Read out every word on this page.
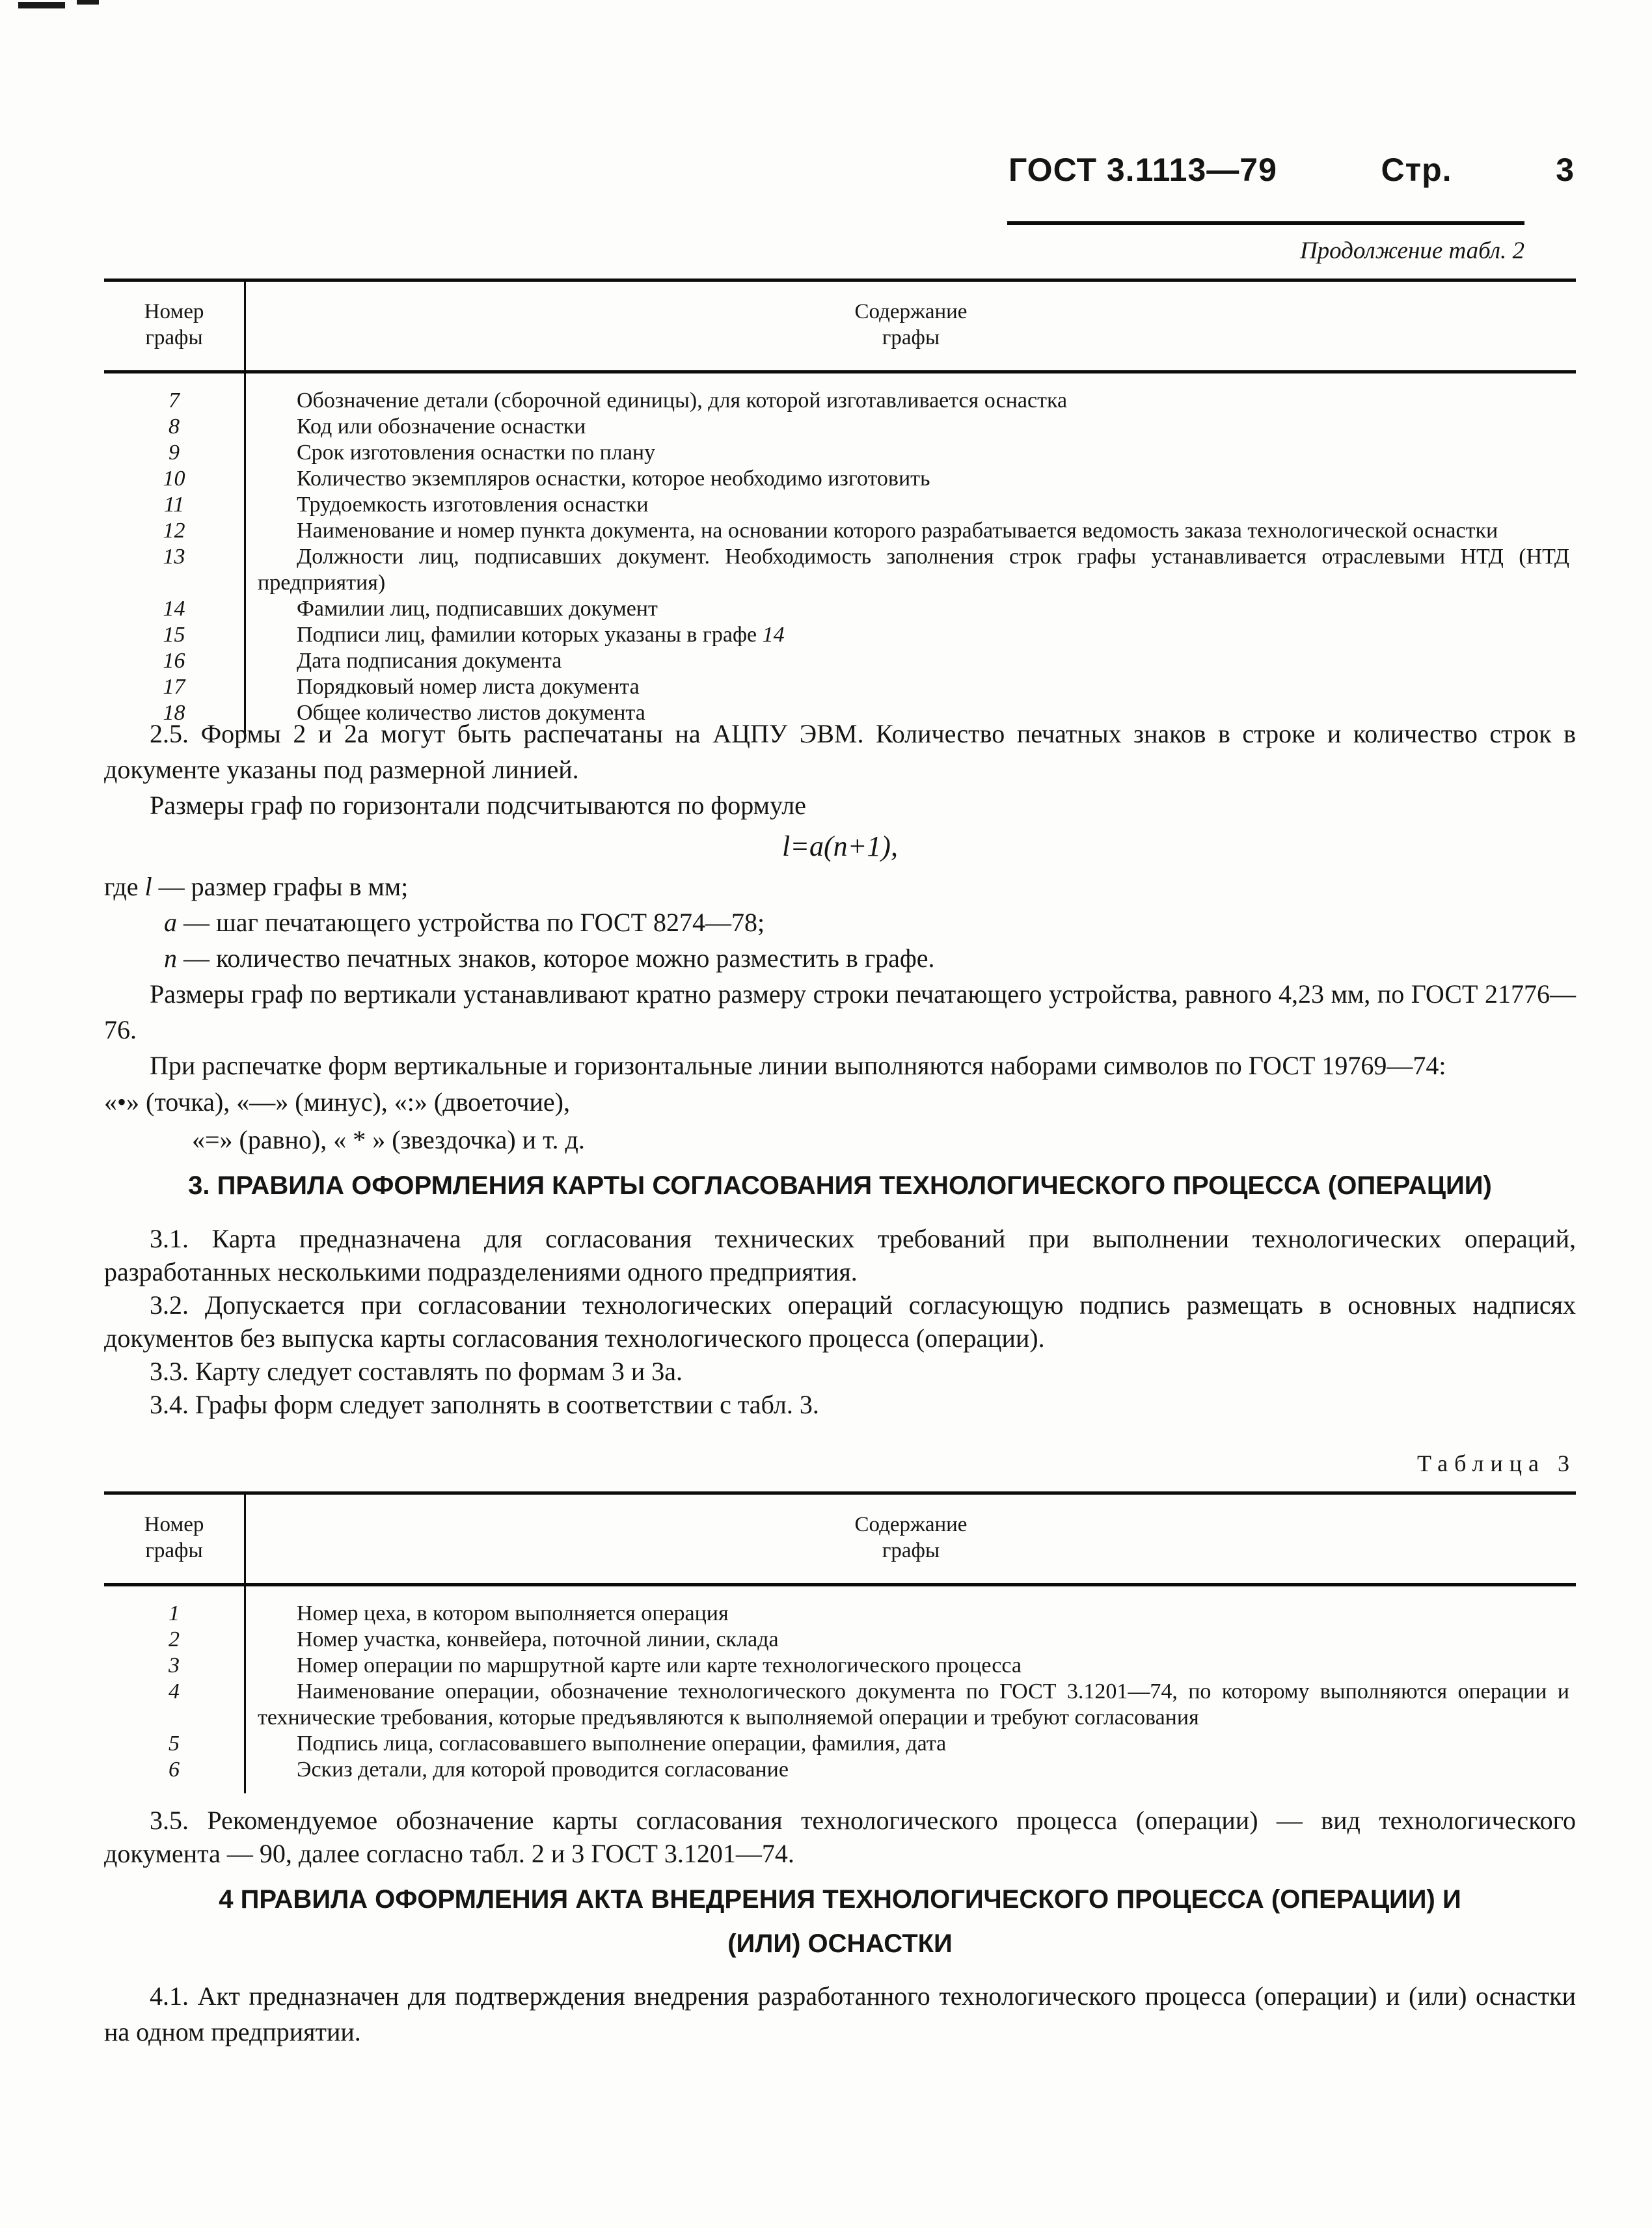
ГОСТ 3.1113—79	Стр.	3
Продолжение табл. 2
Номер
графы
Содержание
графы
7	Обозначение детали (сборочной единицы), для которой изготавливается оснастка
8	Код или обозначение оснастки
9	Срок изготовления оснастки по плану
10	Количество экземпляров оснастки, которое необходимо изготовить
11	Трудоемкость изготовления оснастки
12	Наименование и номер пункта документа, на основании которого разрабатывается ведомость заказа технологической оснастки
13	Должности лиц, подписавших документ. Необходимость заполнения строк графы устанавливается отраслевыми НТД (НТД предприятия)
14	Фамилии лиц, подписавших документ
15	Подписи лиц, фамилии которых указаны в графе 14
16	Дата подписания документа
17	Порядковый номер листа документа
18	Общее количество листов документа
2.5. Формы 2 и 2а могут быть распечатаны на АЦПУ ЭВМ. Количество печатных знаков в строке и количество строк в документе указаны под размерной линией.
Размеры граф по горизонтали подсчитываются по формуле
l=a(n+1),
где l — размер графы в мм;
a — шаг печатающего устройства по ГОСТ 8274—78;
n — количество печатных знаков, которое можно разместить в графе.
Размеры граф по вертикали устанавливают кратно размеру строки печатающего устройства, равного 4,23 мм, по ГОСТ 21776—76.
При распечатке форм вертикальные и горизонтальные линии выполняются наборами символов по ГОСТ 19769—74:
«•» (точка), «—» (минус), «:» (двоеточие),
«=» (равно), « * » (звездочка) и т. д.
3. ПРАВИЛА ОФОРМЛЕНИЯ КАРТЫ СОГЛАСОВАНИЯ ТЕХНОЛОГИЧЕСКОГО ПРОЦЕССА (ОПЕРАЦИИ)
3.1. Карта предназначена для согласования технических требований при выполнении технологических операций, разработанных несколькими подразделениями одного предприятия.
3.2. Допускается при согласовании технологических операций согласующую подпись размещать в основных надписях документов без выпуска карты согласования технологического процесса (операции).
3.3. Карту следует составлять по формам 3 и 3а.
3.4. Графы форм следует заполнять в соответствии с табл. 3.
Таблица 3
Номер
графы
Содержание
графы
1	Номер цеха, в котором выполняется операция
2	Номер участка, конвейера, поточной линии, склада
3	Номер операции по маршрутной карте или карте технологического процесса
4	Наименование операции, обозначение технологического документа по ГОСТ 3.1201—74, по которому выполняются операции и технические требования, которые предъявляются к выполняемой операции и требуют согласования
5	Подпись лица, согласовавшего выполнение операции, фамилия, дата
6	Эскиз детали, для которой проводится согласование
3.5. Рекомендуемое обозначение карты согласования технологического процесса (операции) — вид технологического документа — 90, далее согласно табл. 2 и 3 ГОСТ 3.1201—74.
4 ПРАВИЛА ОФОРМЛЕНИЯ АКТА ВНЕДРЕНИЯ ТЕХНОЛОГИЧЕСКОГО ПРОЦЕССА (ОПЕРАЦИИ) И
(ИЛИ) ОСНАСТКИ
4.1. Акт предназначен для подтверждения внедрения разработанного технологического процесса (операции) и (или) оснастки на одном предприятии.
